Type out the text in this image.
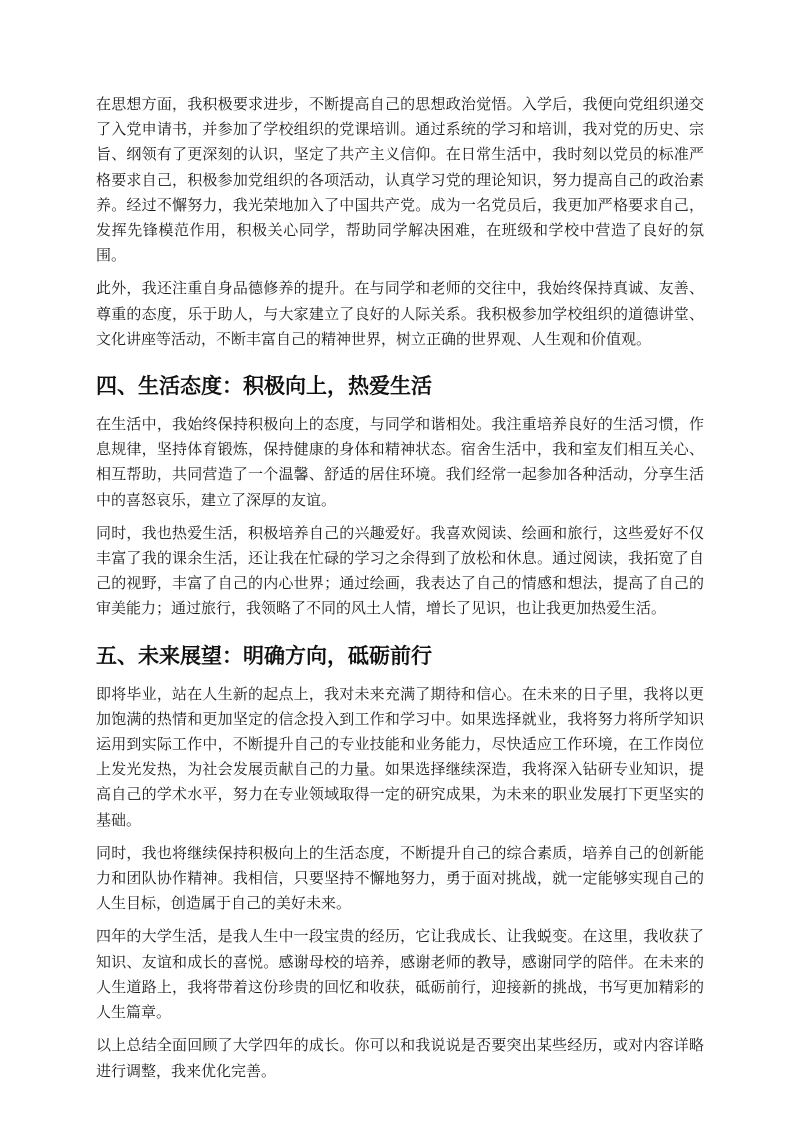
在思想方面，我积极要求进步，不断提高自己的思想政治觉悟。入学后，我便向党组织递交了入党申请书，并参加了学校组织的党课培训。通过系统的学习和培训，我对党的历史、宗旨、纲领有了更深刻的认识，坚定了共产主义信仰。在日常生活中，我时刻以党员的标准严格要求自己，积极参加党组织的各项活动，认真学习党的理论知识，努力提高自己的政治素养。经过不懈努力，我光荣地加入了中国共产党。成为一名党员后，我更加严格要求自己，发挥先锋模范作用，积极关心同学，帮助同学解决困难，在班级和学校中营造了良好的氛围。

此外，我还注重自身品德修养的提升。在与同学和老师的交往中，我始终保持真诚、友善、尊重的态度，乐于助人，与大家建立了良好的人际关系。我积极参加学校组织的道德讲堂、文化讲座等活动，不断丰富自己的精神世界，树立正确的世界观、人生观和价值观。

四、生活态度：积极向上，热爱生活

在生活中，我始终保持积极向上的态度，与同学和谐相处。我注重培养良好的生活习惯，作息规律，坚持体育锻炼，保持健康的身体和精神状态。宿舍生活中，我和室友们相互关心、相互帮助，共同营造了一个温馨、舒适的居住环境。我们经常一起参加各种活动，分享生活中的喜怒哀乐，建立了深厚的友谊。

同时，我也热爱生活，积极培养自己的兴趣爱好。我喜欢阅读、绘画和旅行，这些爱好不仅丰富了我的课余生活，还让我在忙碌的学习之余得到了放松和休息。通过阅读，我拓宽了自己的视野，丰富了自己的内心世界；通过绘画，我表达了自己的情感和想法，提高了自己的审美能力；通过旅行，我领略了不同的风土人情，增长了见识，也让我更加热爱生活。

五、未来展望：明确方向，砥砺前行

即将毕业，站在人生新的起点上，我对未来充满了期待和信心。在未来的日子里，我将以更加饱满的热情和更加坚定的信念投入到工作和学习中。如果选择就业，我将努力将所学知识运用到实际工作中，不断提升自己的专业技能和业务能力，尽快适应工作环境，在工作岗位上发光发热，为社会发展贡献自己的力量。如果选择继续深造，我将深入钻研专业知识，提高自己的学术水平，努力在专业领域取得一定的研究成果，为未来的职业发展打下更坚实的基础。

同时，我也将继续保持积极向上的生活态度，不断提升自己的综合素质，培养自己的创新能力和团队协作精神。我相信，只要坚持不懈地努力，勇于面对挑战，就一定能够实现自己的人生目标，创造属于自己的美好未来。

四年的大学生活，是我人生中一段宝贵的经历，它让我成长、让我蜕变。在这里，我收获了知识、友谊和成长的喜悦。感谢母校的培养，感谢老师的教导，感谢同学的陪伴。在未来的人生道路上，我将带着这份珍贵的回忆和收获，砥砺前行，迎接新的挑战，书写更加精彩的人生篇章。

以上总结全面回顾了大学四年的成长。你可以和我说说是否要突出某些经历，或对内容详略进行调整，我来优化完善。
